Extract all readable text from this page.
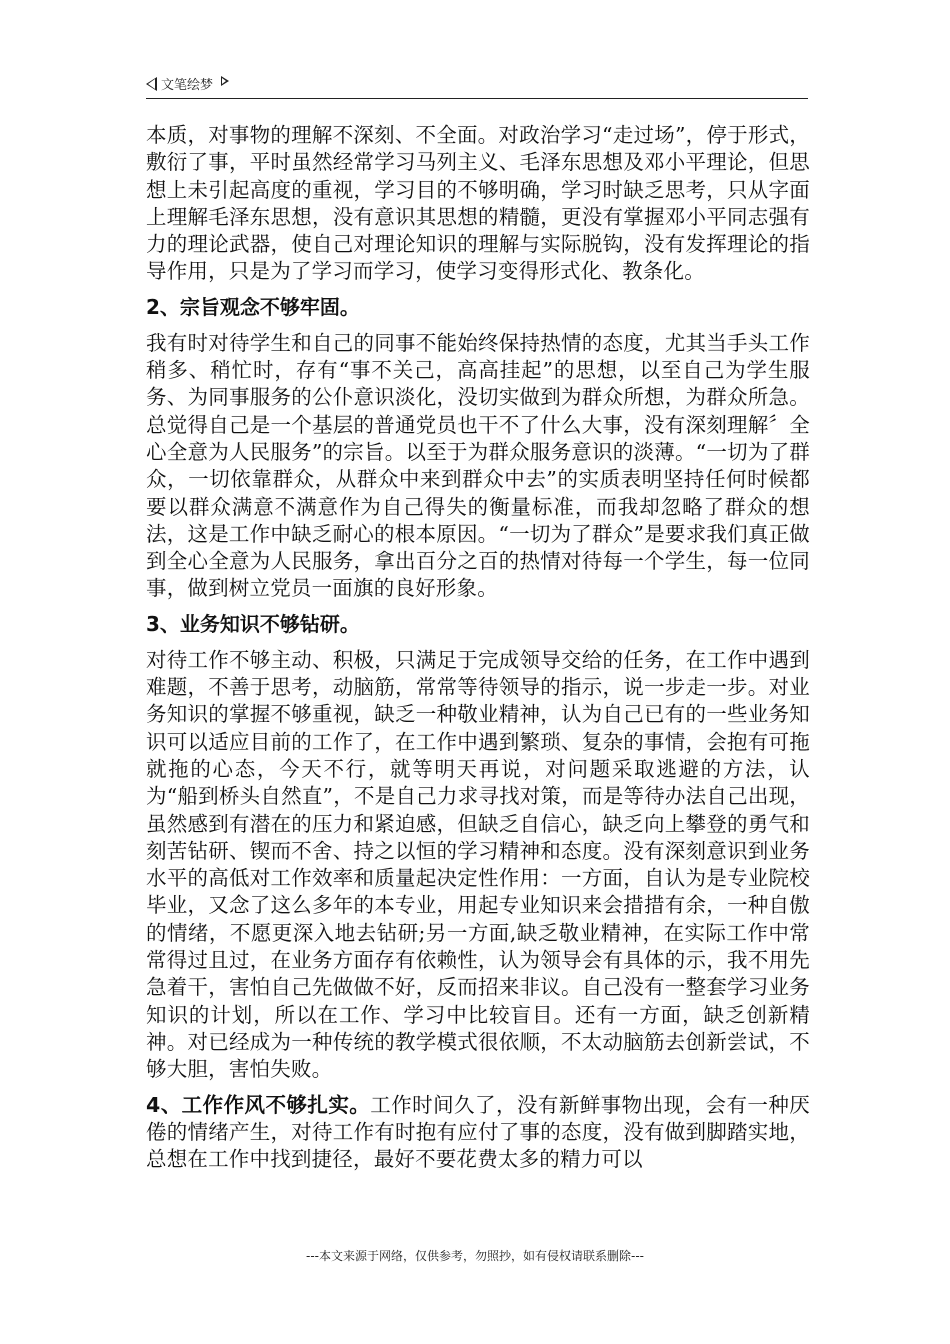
文笔绘梦

本质，对事物的理解不深刻、不全面。对政治学习“走过场”，停于形式，敷衍了事，平时虽然经常学习马列主义、毛泽东思想及邓小平理论，但思想上未引起高度的重视，学习目的不够明确，学习时缺乏思考，只从字面上理解毛泽东思想，没有意识其思想的精髓，更没有掌握邓小平同志强有力的理论武器，使自己对理论知识的理解与实际脱钩，没有发挥理论的指导作用，只是为了学习而学习，使学习变得形式化、教条化。

2、宗旨观念不够牢固。

我有时对待学生和自己的同事不能始终保持热情的态度，尤其当手头工作稍多、稍忙时，存有“事不关己，高高挂起”的思想，以至自己为学生服务、为同事服务的公仆意识淡化，没切实做到为群众所想，为群众所急。总觉得自己是一个基层的普通党员也干不了什么大事，没有深刻理解〞全心全意为人民服务”的宗旨。以至于为群众服务意识的淡薄。“一切为了群众，一切依靠群众，从群众中来到群众中去”的实质表明坚持任何时候都要以群众满意不满意作为自己得失的衡量标准，而我却忽略了群众的想法，这是工作中缺乏耐心的根本原因。“一切为了群众”是要求我们真正做到全心全意为人民服务，拿出百分之百的热情对待每一个学生，每一位同事，做到树立党员一面旗的良好形象。

3、业务知识不够钻研。

对待工作不够主动、积极，只满足于完成领导交给的任务，在工作中遇到难题，不善于思考，动脑筋，常常等待领导的指示，说一步走一步。对业务知识的掌握不够重视，缺乏一种敬业精神，认为自己已有的一些业务知识可以适应目前的工作了，在工作中遇到繁琐、复杂的事情，会抱有可拖就拖的心态，今天不行，就等明天再说，对问题采取逃避的方法，认为“船到桥头自然直”，不是自己力求寻找对策，而是等待办法自己出现，虽然感到有潜在的压力和紧迫感，但缺乏自信心，缺乏向上攀登的勇气和刻苦钻研、锲而不舍、持之以恒的学习精神和态度。没有深刻意识到业务水平的高低对工作效率和质量起决定性作用：一方面，自认为是专业院校毕业，又念了这么多年的本专业，用起专业知识来会措措有余，一种自傲的情绪，不愿更深入地去钻研;另一方面,缺乏敬业精神，在实际工作中常常得过且过，在业务方面存有依赖性，认为领导会有具体的示，我不用先急着干，害怕自己先做做不好，反而招来非议。自己没有一整套学习业务知识的计划，所以在工作、学习中比较盲目。还有一方面，缺乏创新精神。对已经成为一种传统的教学模式很依顺，不太动脑筋去创新尝试，不够大胆，害怕失败。

4、工作作风不够扎实。工作时间久了，没有新鲜事物出现，会有一种厌倦的情绪产生，对待工作有时抱有应付了事的态度，没有做到脚踏实地，总想在工作中找到捷径，最好不要花费太多的精力可以

---本文来源于网络，仅供参考，勿照抄，如有侵权请联系删除---
